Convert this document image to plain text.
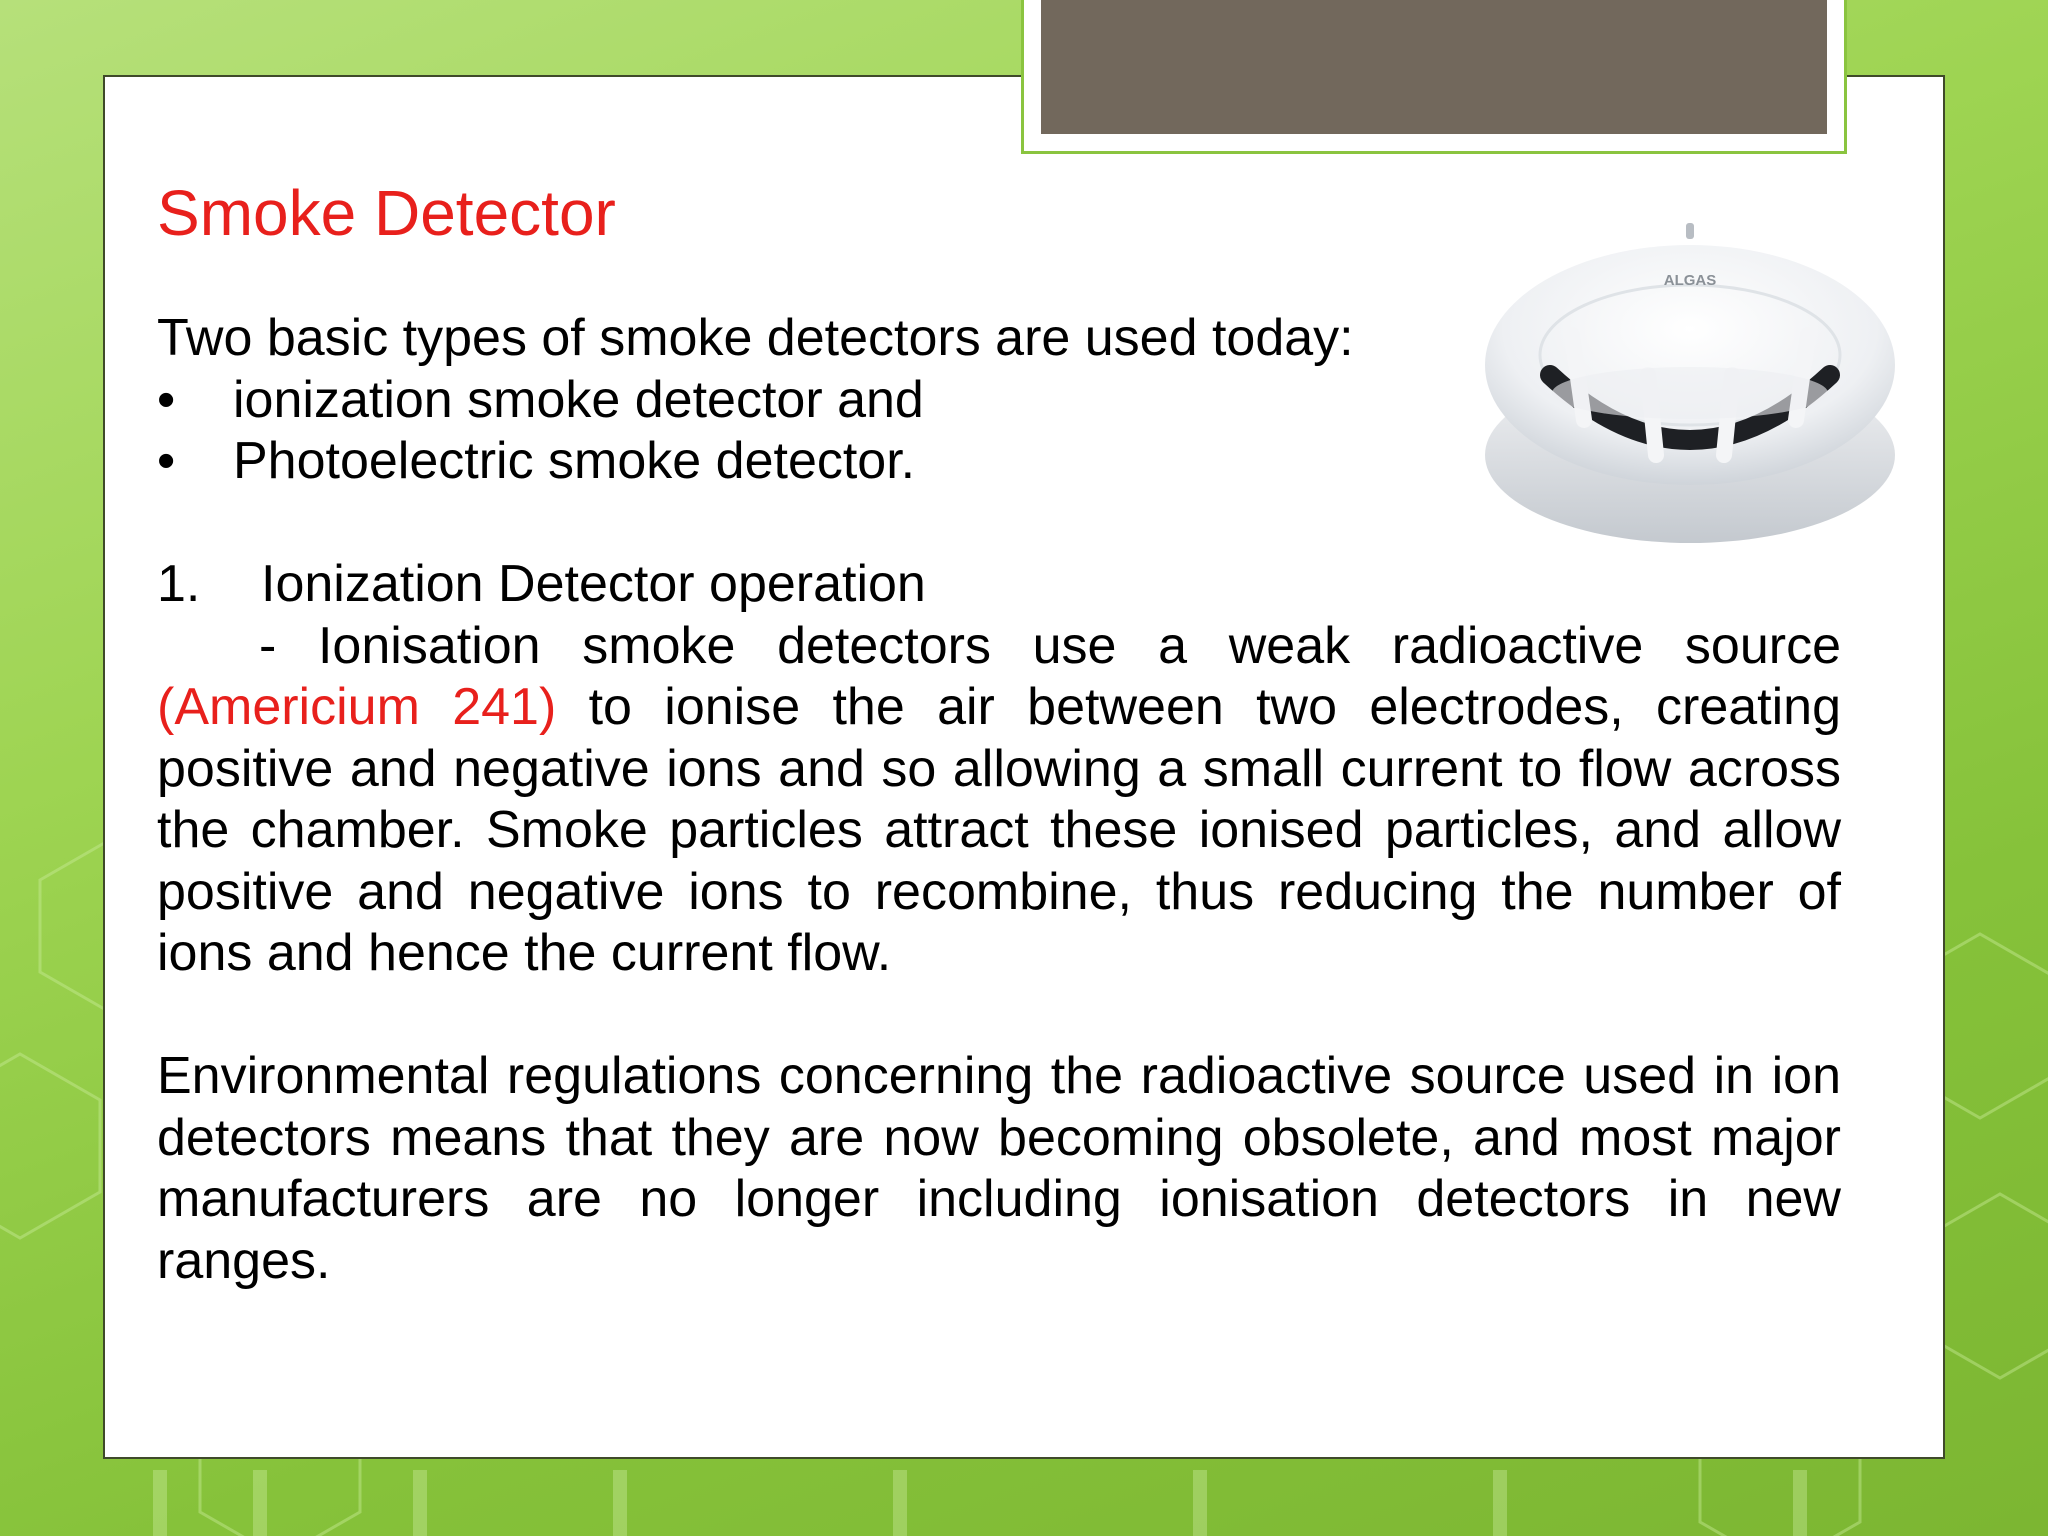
Smoke Detector

Two basic types of smoke detectors are used today:

•	ionization smoke detector and
•	Photoelectric smoke detector.
1.	Ionization Detector operation

- Ionisation smoke detectors use a weak radioactive source (Americium 241) to ionise the air between two electrodes, creating positive and negative ions and so allowing a small current to flow across the chamber. Smoke particles attract these ionised particles, and allow positive and negative ions to recombine, thus reducing the number of ions and hence the current flow.

Environmental regulations concerning the radioactive source used in ion detectors means that they are now becoming obsolete, and most major manufacturers are no longer including ionisation detectors in new ranges.

ALGAS
